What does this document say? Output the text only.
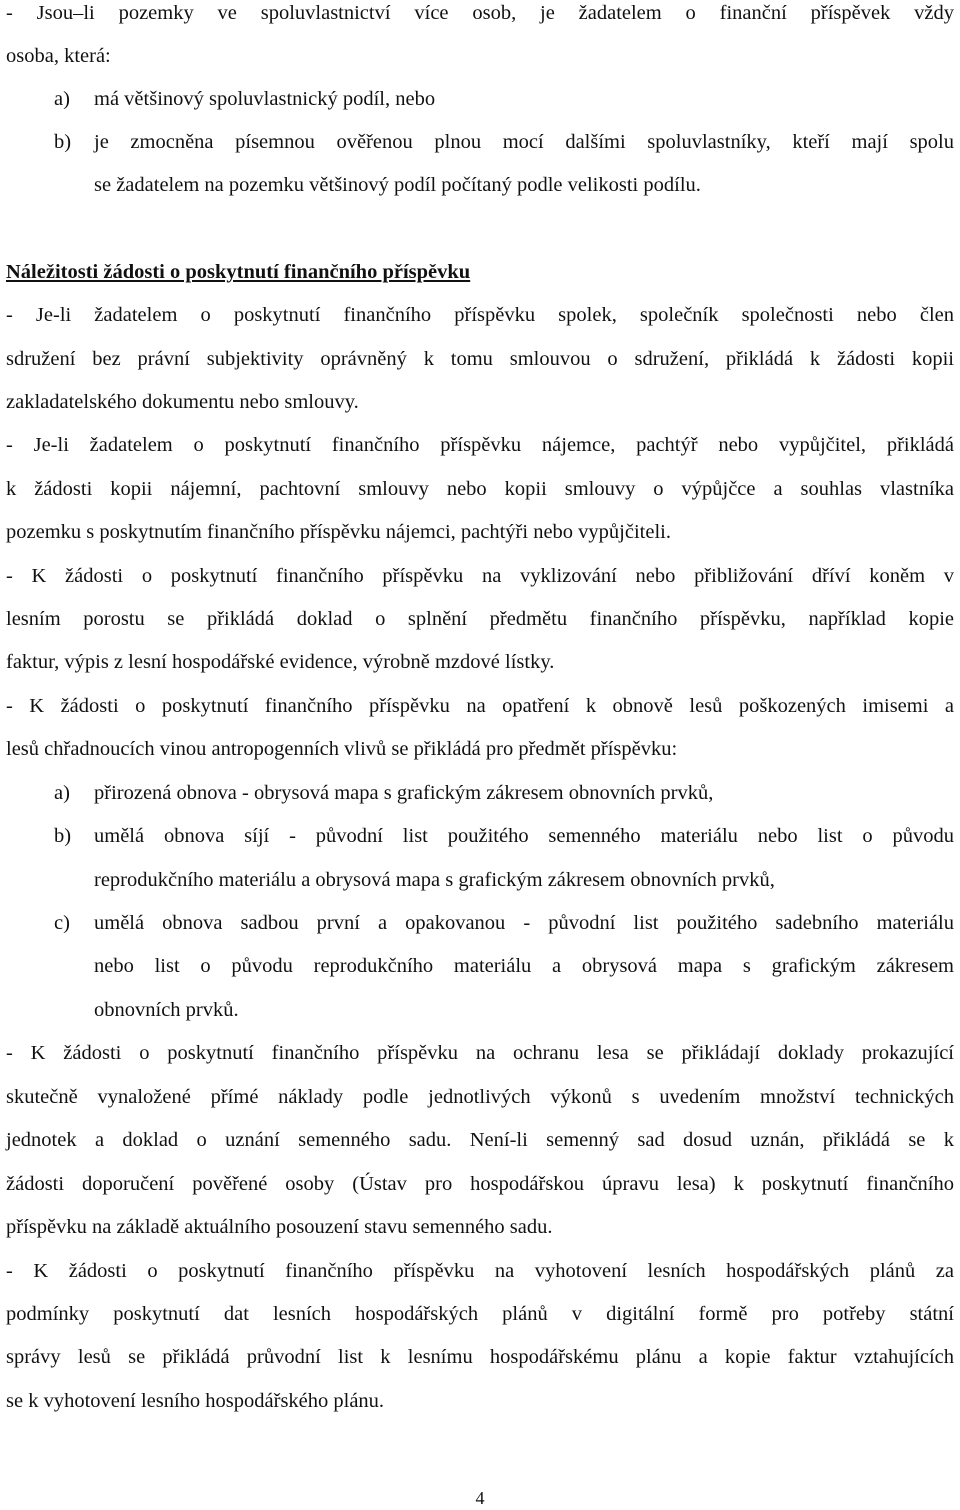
- Jsou–li pozemky ve spoluvlastnictví více osob, je žadatelem o finanční příspěvek vždy
osoba, která:
a) má většinový spoluvlastnický podíl, nebo
b) je zmocněna písemnou ověřenou plnou mocí dalšími spoluvlastníky, kteří mají spolu
se žadatelem na pozemku většinový podíl počítaný podle velikosti podílu.
Náležitosti žádosti o poskytnutí finančního příspěvku
- Je-li žadatelem o poskytnutí finančního příspěvku spolek, společník společnosti nebo člen
sdružení bez právní subjektivity oprávněný k tomu smlouvou o sdružení, přikládá k žádosti kopii
zakladatelského dokumentu nebo smlouvy.
- Je-li žadatelem o poskytnutí finančního příspěvku nájemce, pachtýř nebo vypůjčitel, přikládá
k žádosti kopii nájemní, pachtovní smlouvy nebo kopii smlouvy o výpůjčce a souhlas vlastníka
pozemku s poskytnutím finančního příspěvku nájemci, pachtýři nebo vypůjčiteli.
- K žádosti o poskytnutí finančního příspěvku na vyklizování nebo přibližování dříví koněm v
lesním porostu se přikládá doklad o splnění předmětu finančního příspěvku, například kopie
faktur, výpis z lesní hospodářské evidence, výrobně mzdové lístky.
- K žádosti o poskytnutí finančního příspěvku na opatření k obnově lesů poškozených imisemi a
lesů chřadnoucích vinou antropogenních vlivů se přikládá pro předmět příspěvku:
a) přirozená obnova - obrysová mapa s grafickým zákresem obnovních prvků,
b) umělá obnova síjí - původní list použitého semenného materiálu nebo list o původu
reprodukčního materiálu a obrysová mapa s grafickým zákresem obnovních prvků,
c) umělá obnova sadbou první a opakovanou - původní list použitého sadebního materiálu
nebo list o původu reprodukčního materiálu a obrysová mapa s grafickým zákresem
obnovních prvků.
- K žádosti o poskytnutí finančního příspěvku na ochranu lesa se přikládají doklady prokazující
skutečně vynaložené přímé náklady podle jednotlivých výkonů s uvedením množství technických
jednotek a doklad o uznání semenného sadu. Není-li semenný sad dosud uznán, přikládá se k
žádosti doporučení pověřené osoby (Ústav pro hospodářskou úpravu lesa) k poskytnutí finančního
příspěvku na základě aktuálního posouzení stavu semenného sadu.
- K žádosti o poskytnutí finančního příspěvku na vyhotovení lesních hospodářských plánů za
podmínky poskytnutí dat lesních hospodářských plánů v digitální formě pro potřeby státní
správy lesů se přikládá průvodní list k lesnímu hospodářskému plánu a kopie faktur vztahujících
se k vyhotovení lesního hospodářského plánu.
4
